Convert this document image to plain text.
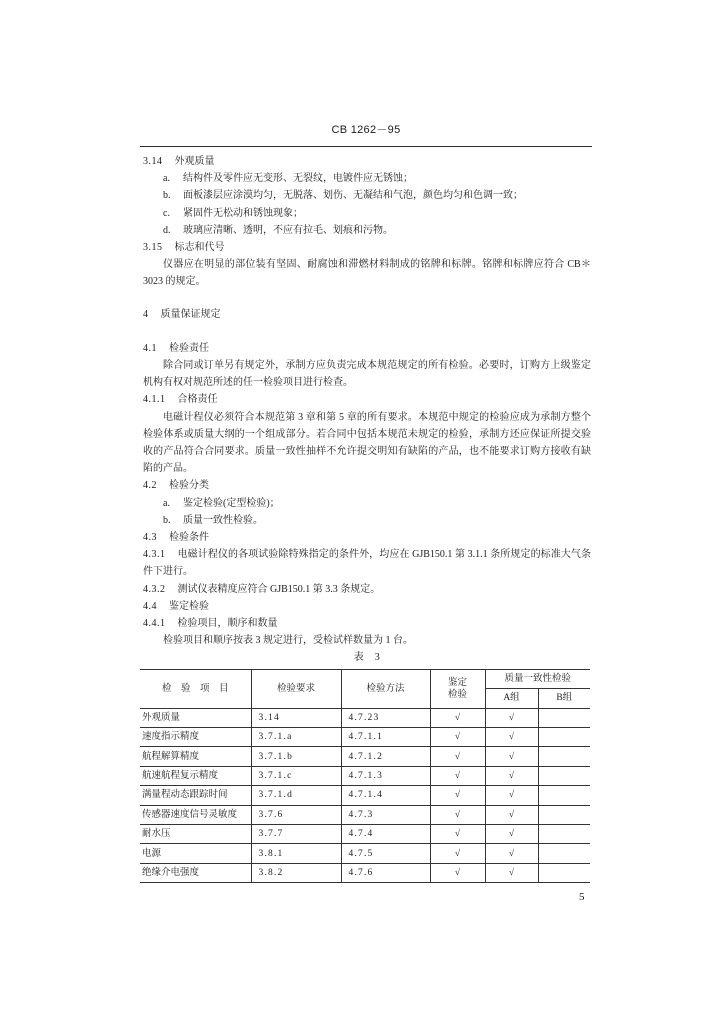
CB 1262－95
3.14 外观质量
a. 结构件及零件应无变形、无裂纹，电镀件应无锈蚀；
b. 面板漆层应涂漠均匀，无脱落、划伤、无凝结和气泡，颜色均匀和色调一致；
c. 紧固件无松动和锈蚀现象；
d. 玻璃应清晰、透明，不应有拉毛、划痕和污物。
3.15 标志和代号

仪器应在明显的部位装有坚固、耐腐蚀和滞燃材料制成的铭牌和标牌。铭牌和标牌应符合 CB＊3023 的规定。

4 质量保证规定
4.1 检验责任

除合同或订单另有规定外，承制方应负责完成本规范规定的所有检验。必要时，订购方上级鉴定机构有权对规范所述的任一检验项目进行检查。

4.1.1 合格责任

电磁计程仪必须符合本规范第 3 章和第 5 章的所有要求。本规范中规定的检验应成为承制方整个检验体系或质量大纲的一个组成部分。若合同中包括本规范未规定的检验，承制方还应保证所提交验收的产品符合合同要求。质量一致性抽样不允许提交明知有缺陷的产品，也不能要求订购方接收有缺陷的产品。

4.2 检验分类
a. 鉴定检验(定型检验)；
b. 质量一致性检验。
4.3 检验条件

4.3.1 电磁计程仪的各项试验除特殊指定的条件外，均应在 GJB150.1 第 3.1.1 条所规定的标准大气条件下进行。

4.3.2 测试仪表精度应符合 GJB150.1 第 3.3 条规定。

4.4 鉴定检验
4.4.1 检验项目，顺序和数量

检验项目和顺序按表 3 规定进行，受检试样数量为 1 台。

表　3
检　验　项　目	检验要求	检验方法	鉴定检验	质量一致性检验	
				A组	B组
外观质量	3.14	4.7.23	√	√	
速度指示精度	3.7.1.a	4.7.1.1	√	√	
航程解算精度	3.7.1.b	4.7.1.2	√	√	
航速航程复示精度	3.7.1.c	4.7.1.3	√	√	
满量程动态跟踪时间	3.7.1.d	4.7.1.4	√	√	
传感器速度信号灵敏度	3.7.6	4.7.3	√	√	
耐水压	3.7.7	4.7.4	√	√	
电源	3.8.1	4.7.5	√	√	
绝缘介电强度	3.8.2	4.7.6	√	√	
5
